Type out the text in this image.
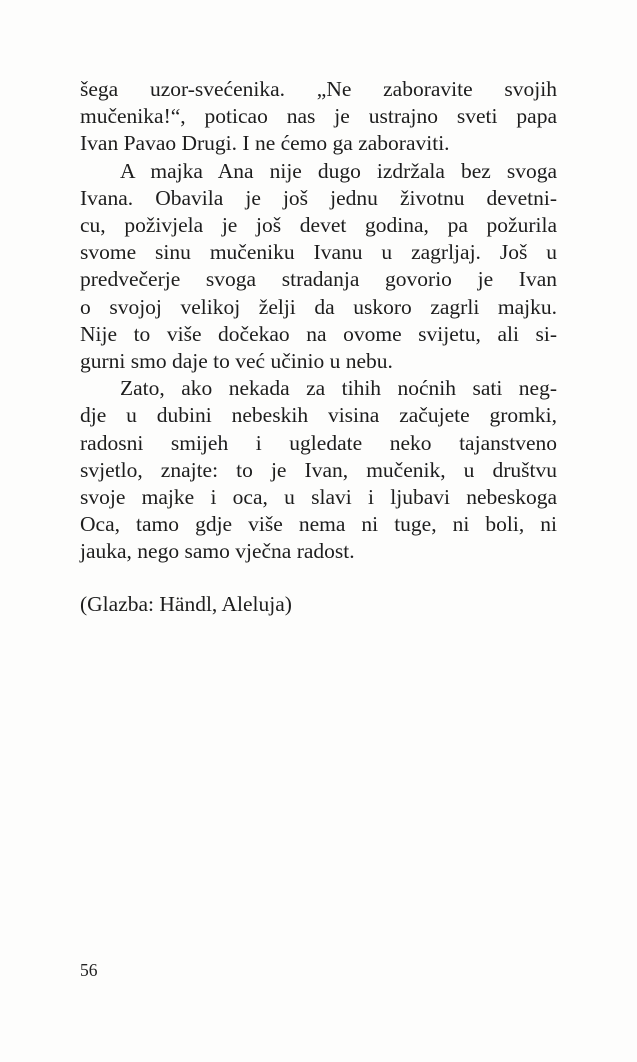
šega uzor-svećenika. „Ne zaboravite svojih
mučenika!“, poticao nas je ustrajno sveti papa
Ivan Pavao Drugi. I ne ćemo ga zaboraviti.
A majka Ana nije dugo izdržala bez svoga
Ivana. Obavila je još jednu životnu devetni-
cu, poživjela je još devet godina, pa požurila
svome sinu mučeniku Ivanu u zagrljaj. Još u
predvečerje svoga stradanja govorio je Ivan
o svojoj velikoj želji da uskoro zagrli majku.
Nije to više dočekao na ovome svijetu, ali si-
gurni smo daje to već učinio u nebu.
Zato, ako nekada za tihih noćnih sati neg-
dje u dubini nebeskih visina začujete gromki,
radosni smijeh i ugledate neko tajanstveno
svjetlo, znajte: to je Ivan, mučenik, u društvu
svoje majke i oca, u slavi i ljubavi nebeskoga
Oca, tamo gdje više nema ni tuge, ni boli, ni
jauka, nego samo vječna radost.
(Glazba: Händl, Aleluja)
56
